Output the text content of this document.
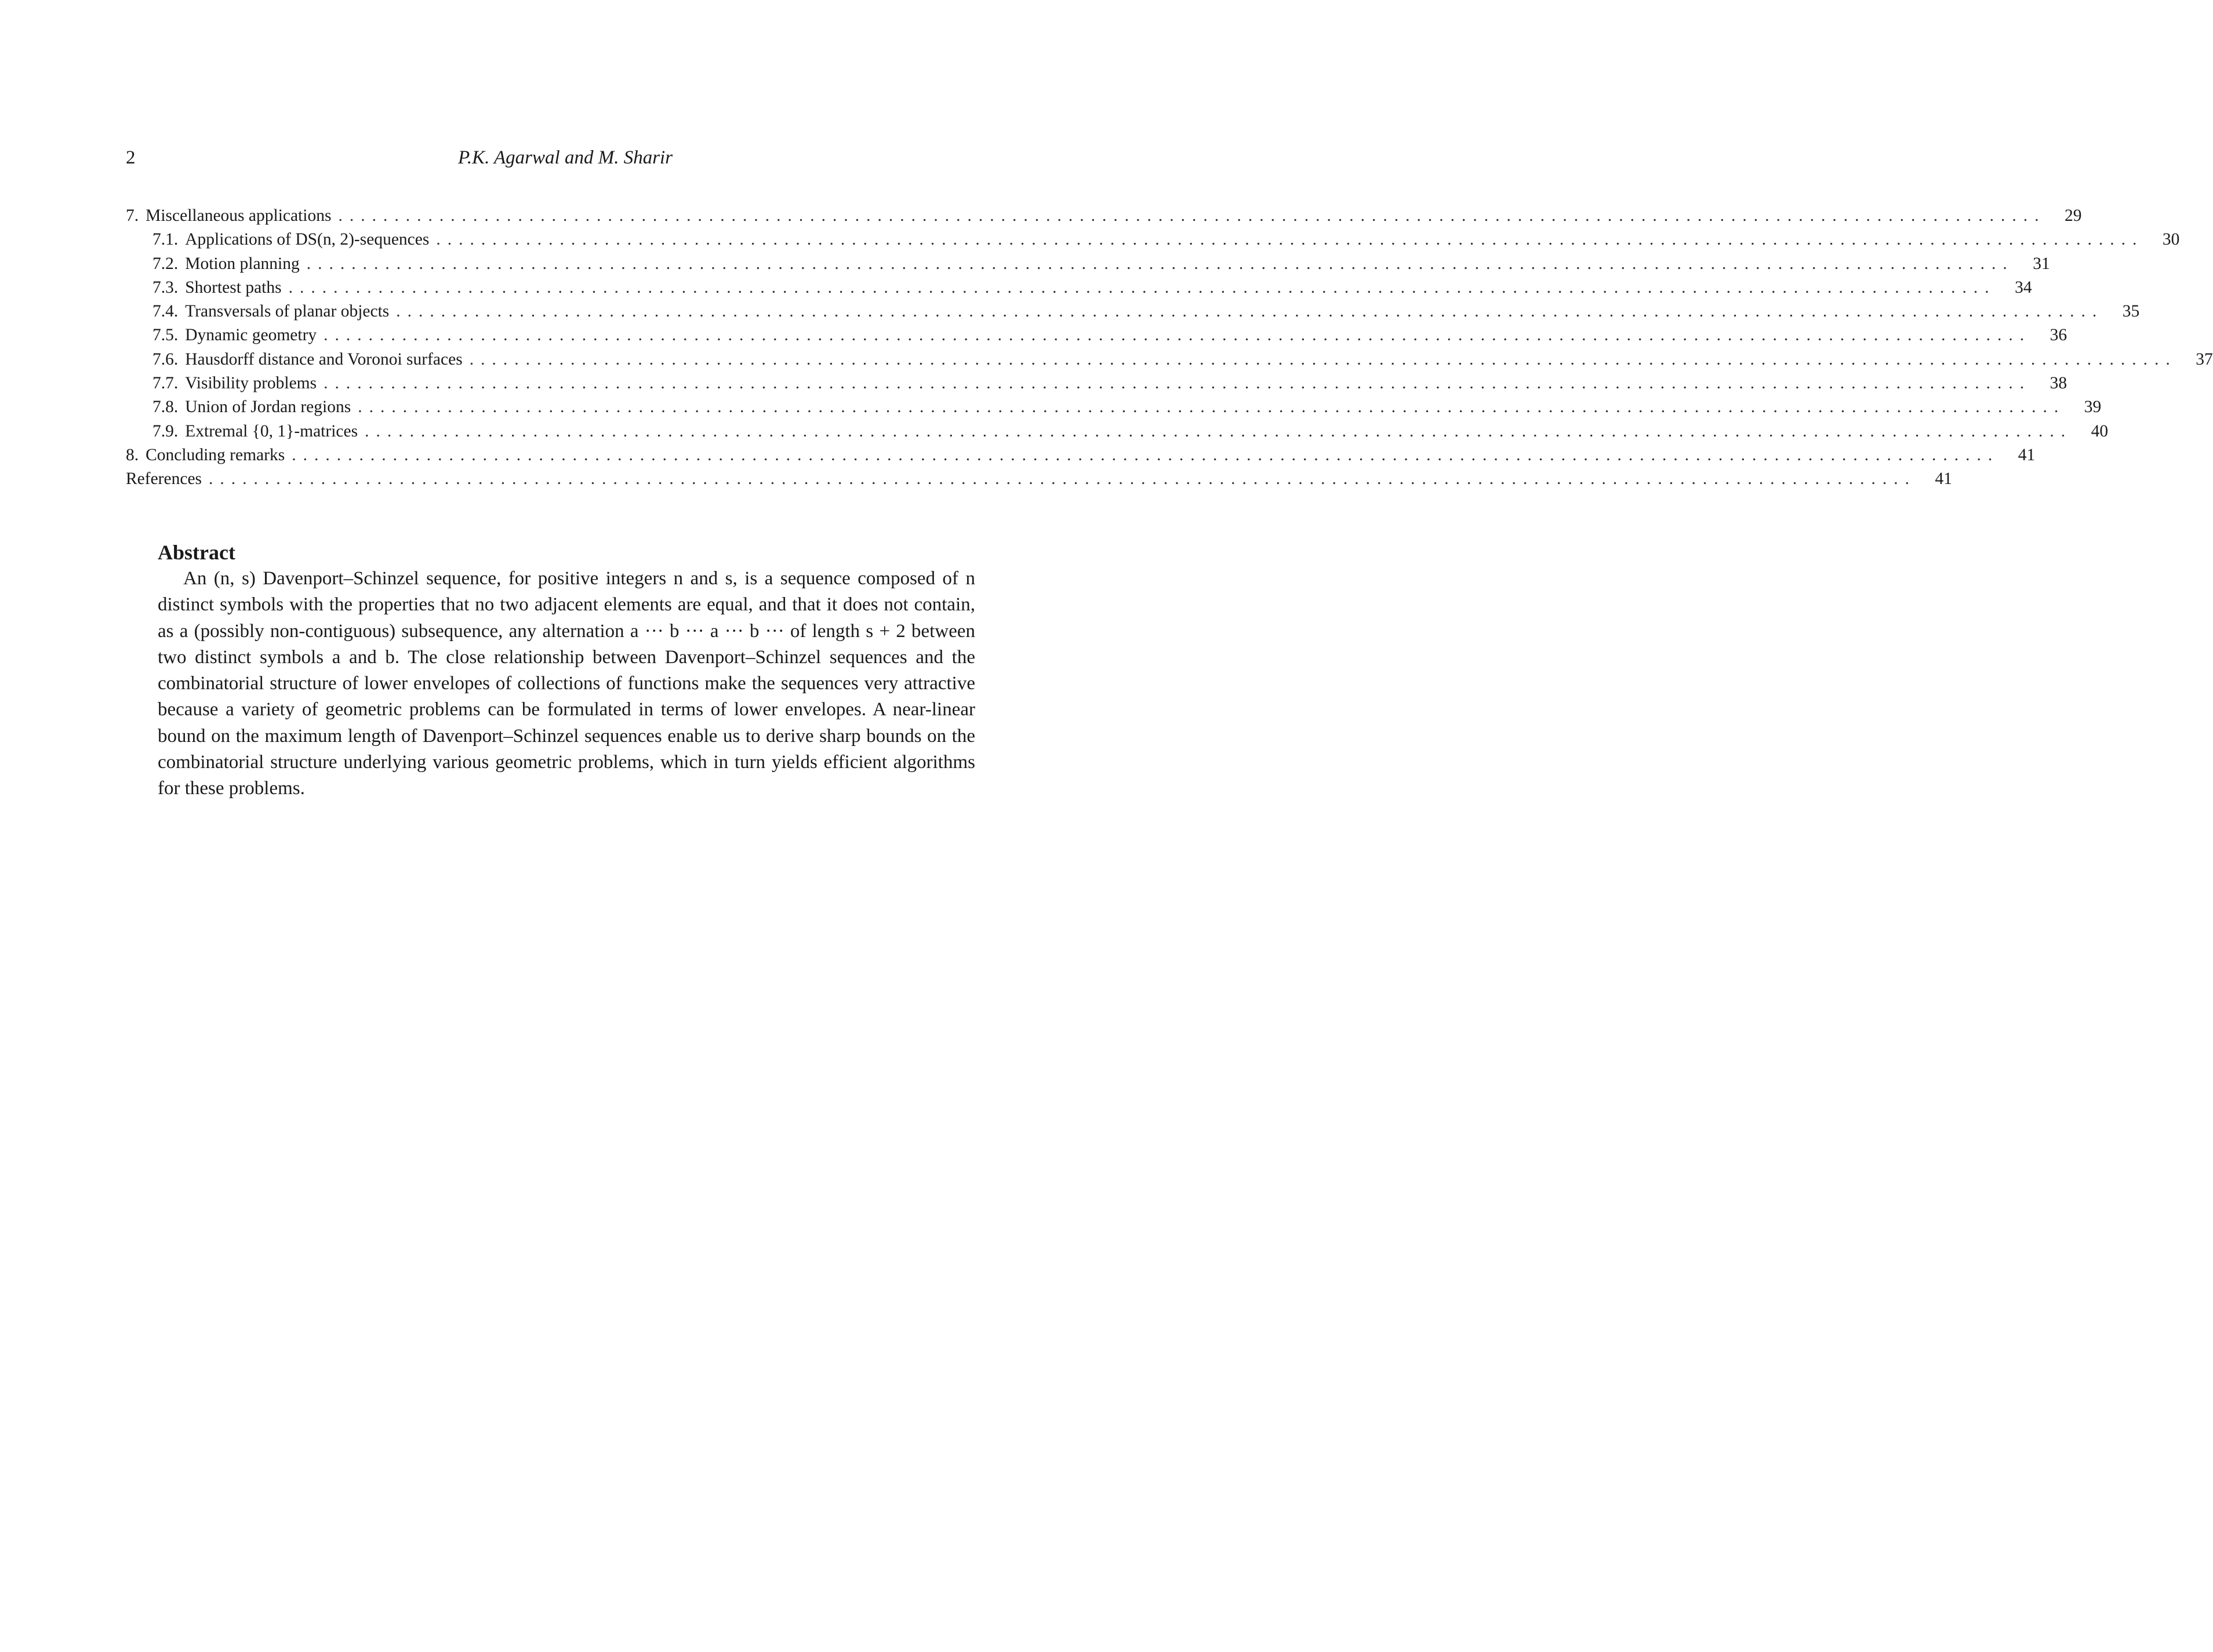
2	P.K. Agarwal and M. Sharir
7. Miscellaneous applications ........................................................................................................................................................	29
7.1. Applications of DS(n, 2)-sequences ........................................................................................................................................................	30
7.2. Motion planning ........................................................................................................................................................	31
7.3. Shortest paths ........................................................................................................................................................	34
7.4. Transversals of planar objects ........................................................................................................................................................	35
7.5. Dynamic geometry ........................................................................................................................................................	36
7.6. Hausdorff distance and Voronoi surfaces ........................................................................................................................................................	37
7.7. Visibility problems ........................................................................................................................................................	38
7.8. Union of Jordan regions ........................................................................................................................................................	39
7.9. Extremal {0, 1}-matrices ........................................................................................................................................................	40
8. Concluding remarks ........................................................................................................................................................	41
References ........................................................................................................................................................	41
Abstract

An (n, s) Davenport–Schinzel sequence, for positive integers n and s, is a sequence composed of n distinct symbols with the properties that no two adjacent elements are equal, and that it does not contain, as a (possibly non-contiguous) subsequence, any alternation a ··· b ··· a ··· b ··· of length s + 2 between two distinct symbols a and b. The close relationship between Davenport–Schinzel sequences and the combinatorial structure of lower envelopes of collections of functions make the sequences very attractive because a variety of geometric problems can be formulated in terms of lower envelopes. A near-linear bound on the maximum length of Davenport–Schinzel sequences enable us to derive sharp bounds on the combinatorial structure underlying various geometric problems, which in turn yields efficient algorithms for these problems.
